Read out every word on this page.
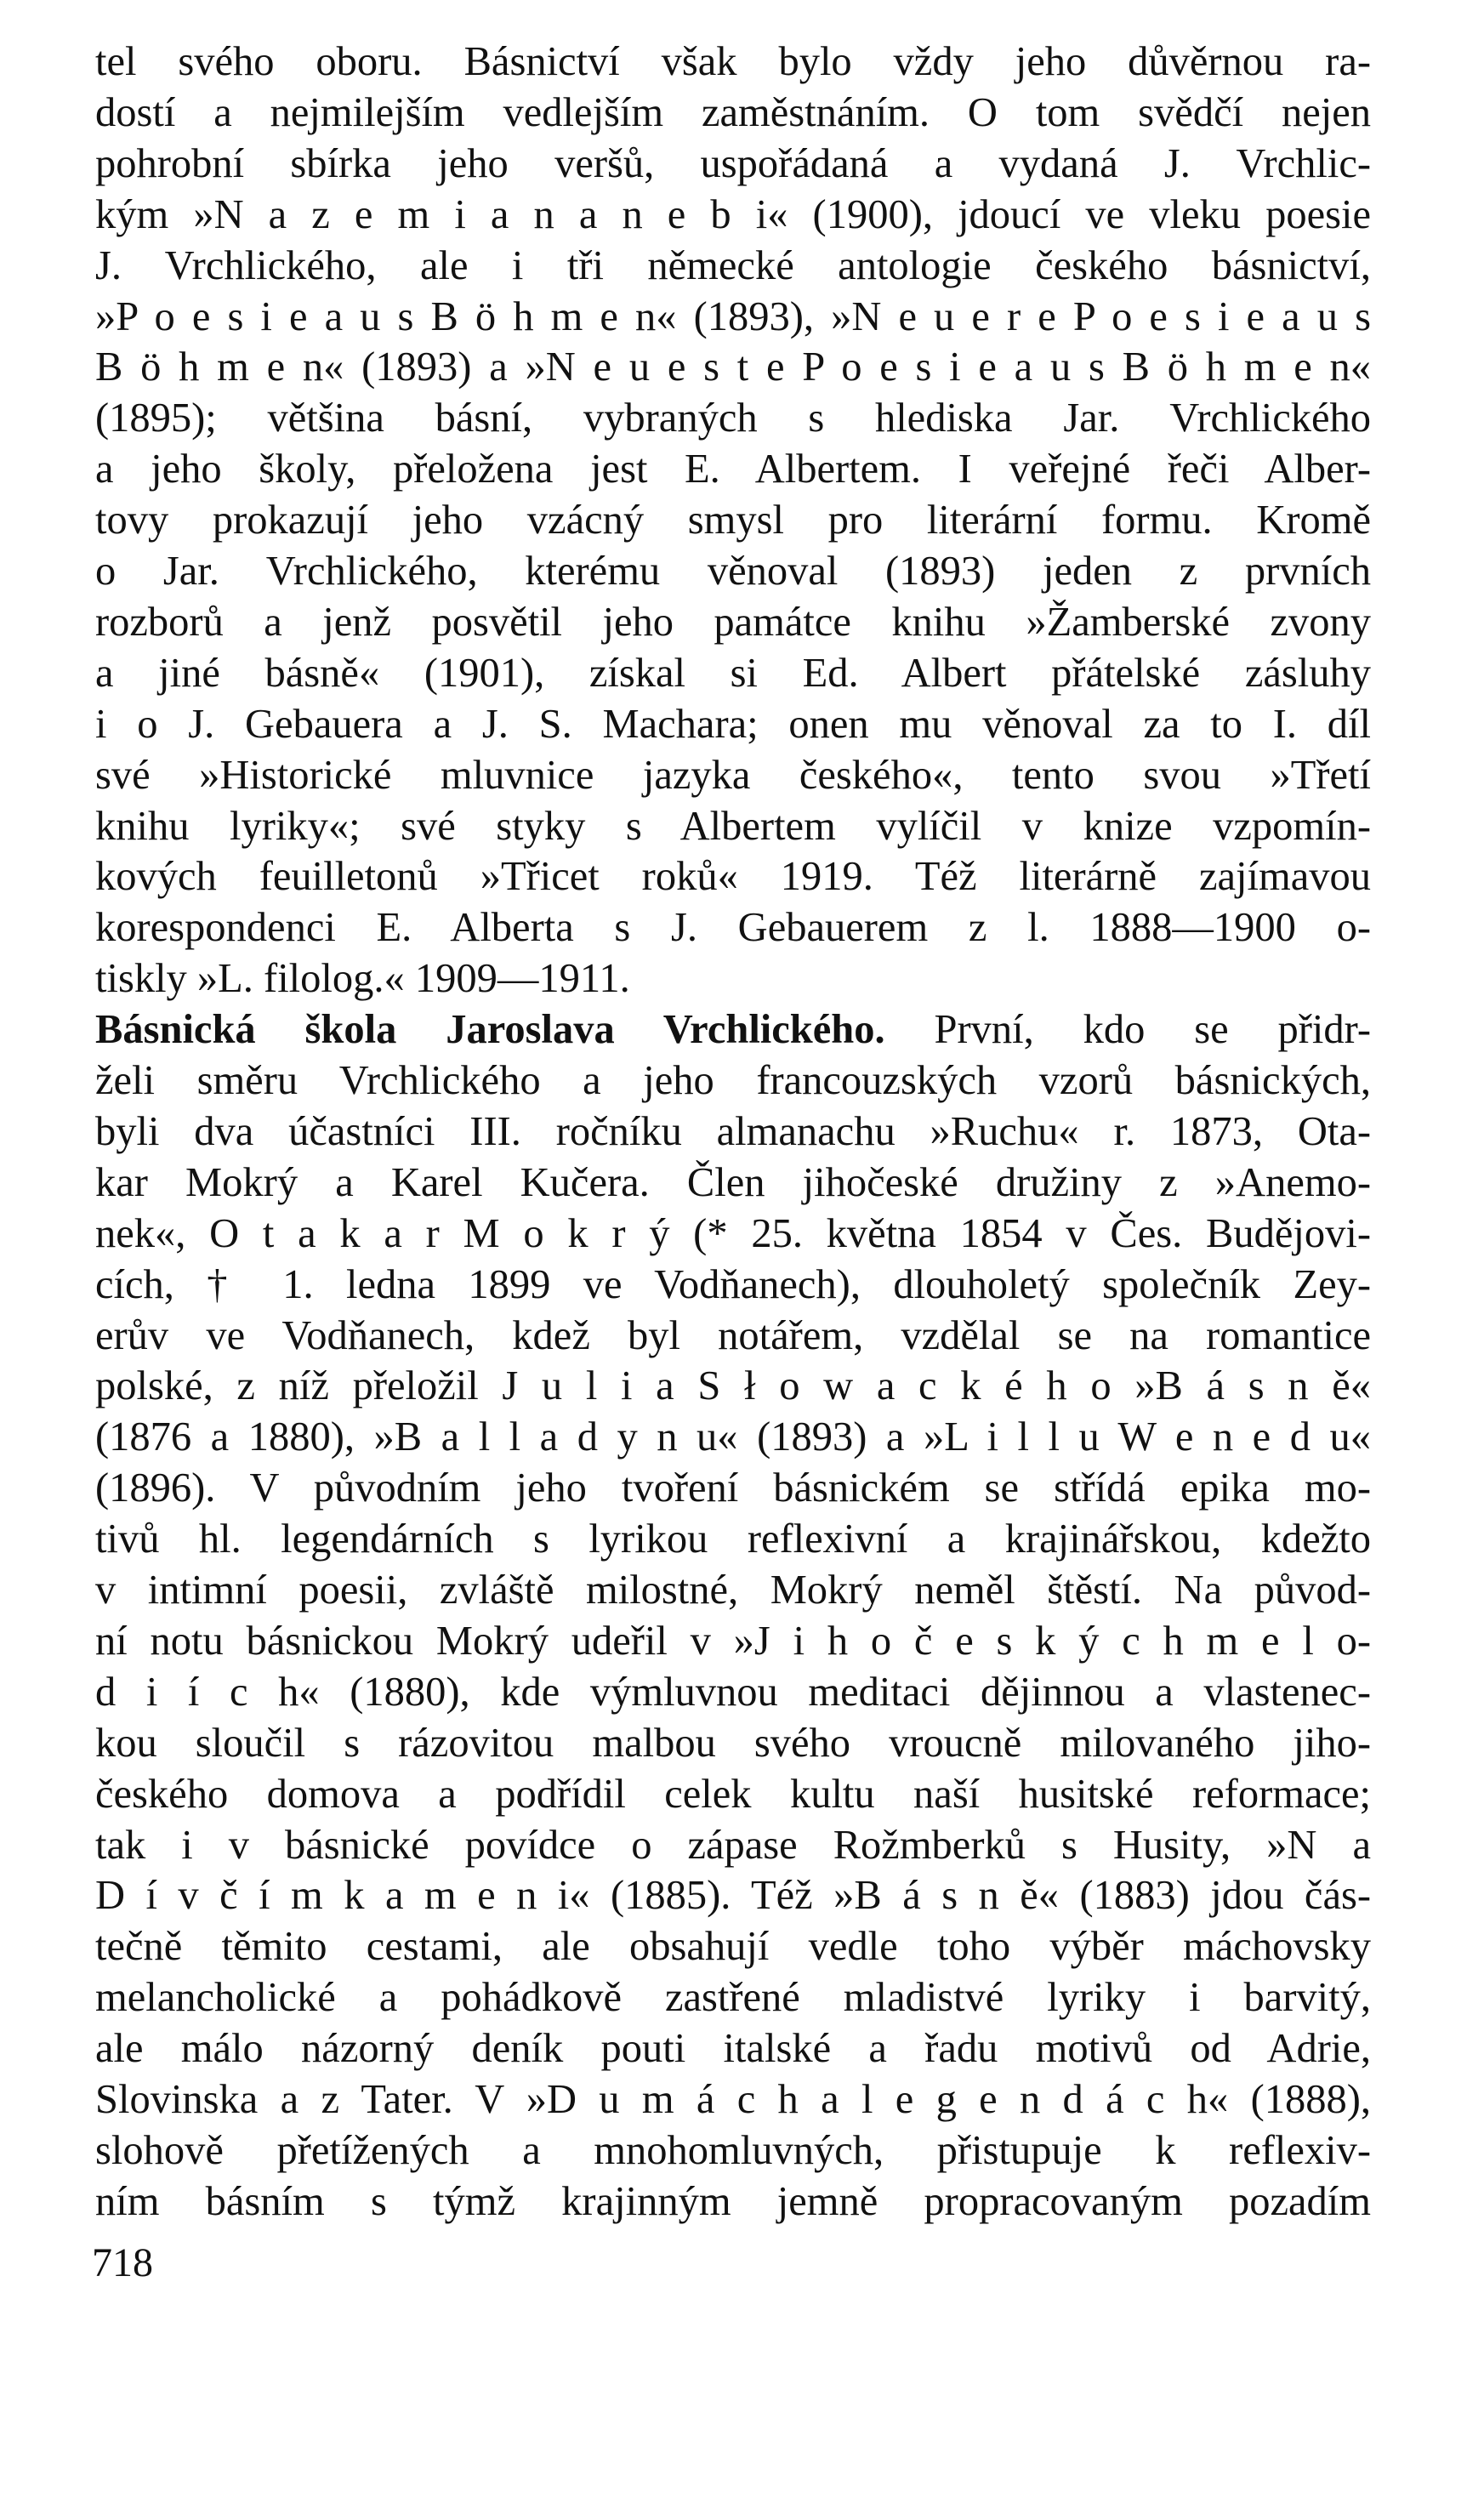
tel svého oboru. Básnictví však bylo vždy jeho důvěrnou ra-
dostí a nejmilejším vedlejším zaměstnáním. O tom svědčí nejen
pohrobní sbírka jeho veršů, uspořádaná a vydaná J. Vrchlic-
kým »N a z e m i a n a n e b i« (1900), jdoucí ve vleku poesie
J. Vrchlického, ale i tři německé antologie českého básnictví,
»P o e s i e a u s B ö h m e n« (1893), »N e u e r e P o e s i e a u s
B ö h m e n« (1893) a »N e u e s t e P o e s i e a u s B ö h m e n«
(1895); většina básní, vybraných s hlediska Jar. Vrchlického
a jeho školy, přeložena jest E. Albertem. I veřejné řeči Alber-
tovy prokazují jeho vzácný smysl pro literární formu. Kromě
o Jar. Vrchlického, kterému věnoval (1893) jeden z prvních
rozborů a jenž posvětil jeho památce knihu »Žamberské zvony
a jiné básně« (1901), získal si Ed. Albert přátelské zásluhy
i o J. Gebauera a J. S. Machara; onen mu věnoval za to I. díl
své »Historické mluvnice jazyka českého«, tento svou »Třetí
knihu lyriky«; své styky s Albertem vylíčil v knize vzpomín-
kových feuilletonů »Třicet roků« 1919. Též literárně zajímavou
korespondenci E. Alberta s J. Gebauerem z l. 1888—1900 o-
tiskly »L. filolog.« 1909—1911.
Básnická škola Jaroslava Vrchlického. První, kdo se přidr-
želi směru Vrchlického a jeho francouzských vzorů básnických,
byli dva účastníci III. ročníku almanachu »Ruchu« r. 1873, Ota-
kar Mokrý a Karel Kučera. Člen jihočeské družiny z »Anemo-
nek«, O t a k a r M o k r ý (* 25. května 1854 v Čes. Budějovi-
cích, † 1. ledna 1899 ve Vodňanech), dlouholetý společník Zey-
erův ve Vodňanech, kdež byl notářem, vzdělal se na romantice
polské, z níž přeložil J u l i a S ł o w a c k é h o »B á s n ě«
(1876 a 1880), »B a l l a d y n u« (1893) a »L i l l u W e n e d u«
(1896). V původním jeho tvoření básnickém se střídá epika mo-
tivů hl. legendárních s lyrikou reflexivní a krajinářskou, kdežto
v intimní poesii, zvláště milostné, Mokrý neměl štěstí. Na původ-
ní notu básnickou Mokrý udeřil v »J i h o č e s k ý c h m e l o-
d i í c h« (1880), kde výmluvnou meditaci dějinnou a vlastenec-
kou sloučil s rázovitou malbou svého vroucně milovaného jiho-
českého domova a podřídil celek kultu naší husitské reformace;
tak i v básnické povídce o zápase Rožmberků s Husity, »N a
D í v č í m k a m e n i« (1885). Též »B á s n ě« (1883) jdou čás-
tečně těmito cestami, ale obsahují vedle toho výběr máchovsky
melancholické a pohádkově zastřené mladistvé lyriky i barvitý,
ale málo názorný deník pouti italské a řadu motivů od Adrie,
Slovinska a z Tater. V »D u m á c h a l e g e n d á c h« (1888),
slohově přetížených a mnohomluvných, přistupuje k reflexiv-
ním básním s týmž krajinným jemně propracovaným pozadím
718
